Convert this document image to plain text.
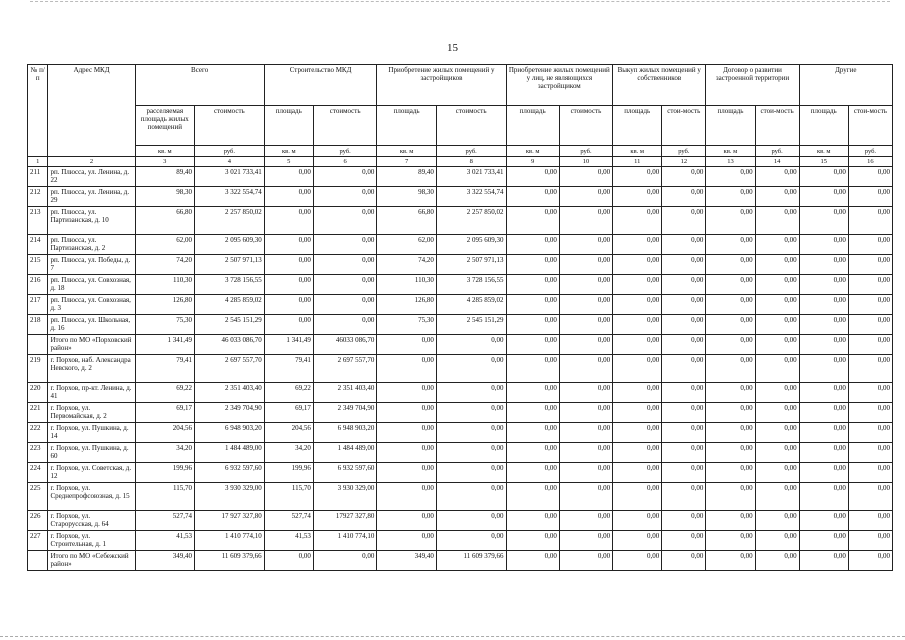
15
№ п/п	Адрес МКД	Всего		Строительство МКД		Приобретение жилых помещений у застройщиков		Приобретение жилых помещений у лиц, не являющихся застройщиком		Выкуп жилых помещений у собственников		Договор о развитии застроенной территории		Другие	
		расселяемая площадь жилых помещений	стоимость	площадь	стоимость	площадь	стоимость	площадь	стоимость	площадь	стои-мость	площадь	стои-мость	площадь	стои-мость
		кв. м	руб.	кв. м	руб.	кв. м	руб.	кв. м	руб.	кв. м	руб.	кв. м	руб.	кв. м	руб.
1	2	3	4	5	6	7	8	9	10	11	12	13	14	15	16
211	рп. Плюсса, ул. Ленина, д. 22	89,40	3 021 733,41	0,00	0,00	89,40	3 021 733,41	0,00	0,00	0,00	0,00	0,00	0,00	0,00	0,00
212	рп. Плюсса, ул. Ленина, д. 29	98,30	3 322 554,74	0,00	0,00	98,30	3 322 554,74	0,00	0,00	0,00	0,00	0,00	0,00	0,00	0,00
213	рп. Плюсса, ул. Партизанская, д. 10	66,80	2 257 850,02	0,00	0,00	66,80	2 257 850,02	0,00	0,00	0,00	0,00	0,00	0,00	0,00	0,00
214	рп. Плюсса, ул. Партизанская, д. 2	62,00	2 095 609,30	0,00	0,00	62,00	2 095 609,30	0,00	0,00	0,00	0,00	0,00	0,00	0,00	0,00
215	рп. Плюсса, ул. Победы, д. 7	74,20	2 507 971,13	0,00	0,00	74,20	2 507 971,13	0,00	0,00	0,00	0,00	0,00	0,00	0,00	0,00
216	рп. Плюсса, ул. Совхозная, д. 18	110,30	3 728 156,55	0,00	0,00	110,30	3 728 156,55	0,00	0,00	0,00	0,00	0,00	0,00	0,00	0,00
217	рп. Плюсса, ул. Совхозная, д. 3	126,80	4 285 859,02	0,00	0,00	126,80	4 285 859,02	0,00	0,00	0,00	0,00	0,00	0,00	0,00	0,00
218	рп. Плюсса, ул. Школьная, д. 16	75,30	2 545 151,29	0,00	0,00	75,30	2 545 151,29	0,00	0,00	0,00	0,00	0,00	0,00	0,00	0,00
	Итого по МО «Порховский район»	1 341,49	46 033 086,70	1 341,49	46033 086,70	0,00	0,00	0,00	0,00	0,00	0,00	0,00	0,00	0,00	0,00
219	г. Порхов, наб. Александра Невского, д. 2	79,41	2 697 557,70	79,41	2 697 557,70	0,00	0,00	0,00	0,00	0,00	0,00	0,00	0,00	0,00	0,00
220	г. Порхов, пр-кт. Ленина, д. 41	69,22	2 351 403,40	69,22	2 351 403,40	0,00	0,00	0,00	0,00	0,00	0,00	0,00	0,00	0,00	0,00
221	г. Порхов, ул. Первомайская, д. 2	69,17	2 349 704,90	69,17	2 349 704,90	0,00	0,00	0,00	0,00	0,00	0,00	0,00	0,00	0,00	0,00
222	г. Порхов, ул. Пушкина, д. 14	204,56	6 948 903,20	204,56	6 948 903,20	0,00	0,00	0,00	0,00	0,00	0,00	0,00	0,00	0,00	0,00
223	г. Порхов, ул. Пушкина, д. 60	34,20	1 484 489,00	34,20	1 484 489,00	0,00	0,00	0,00	0,00	0,00	0,00	0,00	0,00	0,00	0,00
224	г. Порхов, ул. Советская, д. 12	199,96	6 932 597,60	199,96	6 932 597,60	0,00	0,00	0,00	0,00	0,00	0,00	0,00	0,00	0,00	0,00
225	г. Порхов, ул. Среднепрофсоюзная, д. 15	115,70	3 930 329,00	115,70	3 930 329,00	0,00	0,00	0,00	0,00	0,00	0,00	0,00	0,00	0,00	0,00
226	г. Порхов, ул. Старорусская, д. 64	527,74	17 927 327,80	527,74	17927 327,80	0,00	0,00	0,00	0,00	0,00	0,00	0,00	0,00	0,00	0,00
227	г. Порхов, ул. Строительная, д. 1	41,53	1 410 774,10	41,53	1 410 774,10	0,00	0,00	0,00	0,00	0,00	0,00	0,00	0,00	0,00	0,00
	Итого по МО «Себежский район»	349,40	11 609 379,66	0,00	0,00	349,40	11 609 379,66	0,00	0,00	0,00	0,00	0,00	0,00	0,00	0,00
